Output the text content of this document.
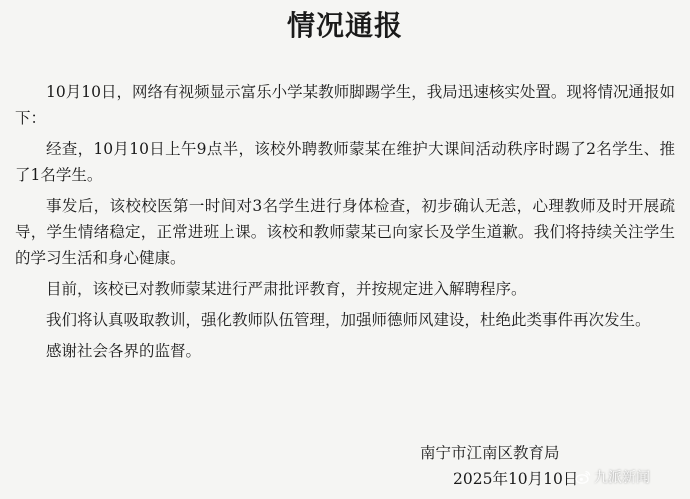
情况通报

10月10日，网络有视频显示富乐小学某教师脚踢学生，我局迅速核实处置。现将情况通报如下：

经查，10月10日上午9点半，该校外聘教师蒙某在维护大课间活动秩序时踢了2名学生、推了1名学生。

事发后，该校校医第一时间对3名学生进行身体检查，初步确认无恙，心理教师及时开展疏导，学生情绪稳定，正常进班上课。该校和教师蒙某已向家长及学生道歉。我们将持续关注学生的学习生活和身心健康。

目前，该校已对教师蒙某进行严肃批评教育，并按规定进入解聘程序。

我们将认真吸取教训，强化教师队伍管理，加强师德师风建设，杜绝此类事件再次发生。

感谢社会各界的监督。

南宁市江南区教育局
2025年10月10日	九派新闻
